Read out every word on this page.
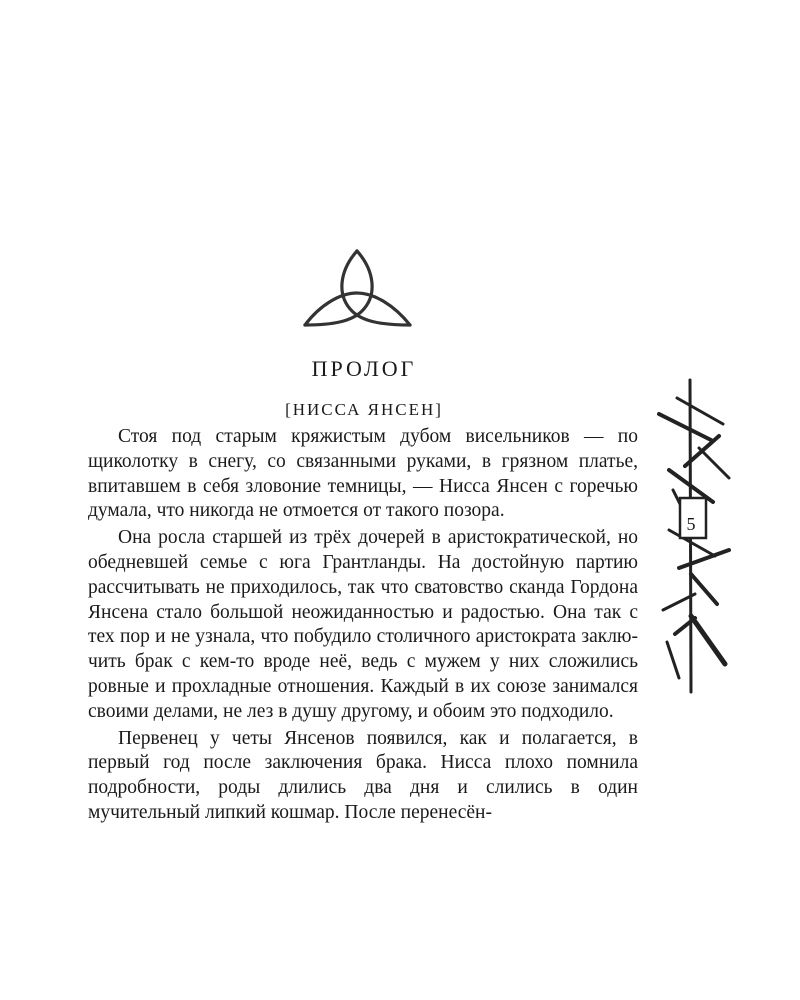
ПРОЛОГ
[НИССА ЯНСЕН]

Стоя под старым кряжистым дубом висельников — по щиколотку в снегу, со связанными руками, в грязном платье, впитавшем в себя зловоние темницы, — Нисса Янсен с горечью думала, что никогда не отмоется от такого позора.

Она росла старшей из трёх дочерей в аристократической, но обедневшей семье с юга Грантланды. На достойную партию рассчитывать не приходилось, так что сватовство сканда Гордона Янсена стало большой неожиданностью и радостью. Она так с тех пор и не узнала, что побудило столичного аристократа заключить брак с кем-то вроде неё, ведь с мужем у них сложились ровные и прохладные отношения. Каждый в их союзе занимался своими делами, не лез в душу другому, и обоим это подходило.

Первенец у четы Янсенов появился, как и полагается, в первый год после заключения брака. Нисса плохо помнила подробности, роды длились два дня и слились в один мучительный липкий кошмар. После перенесён-

5
